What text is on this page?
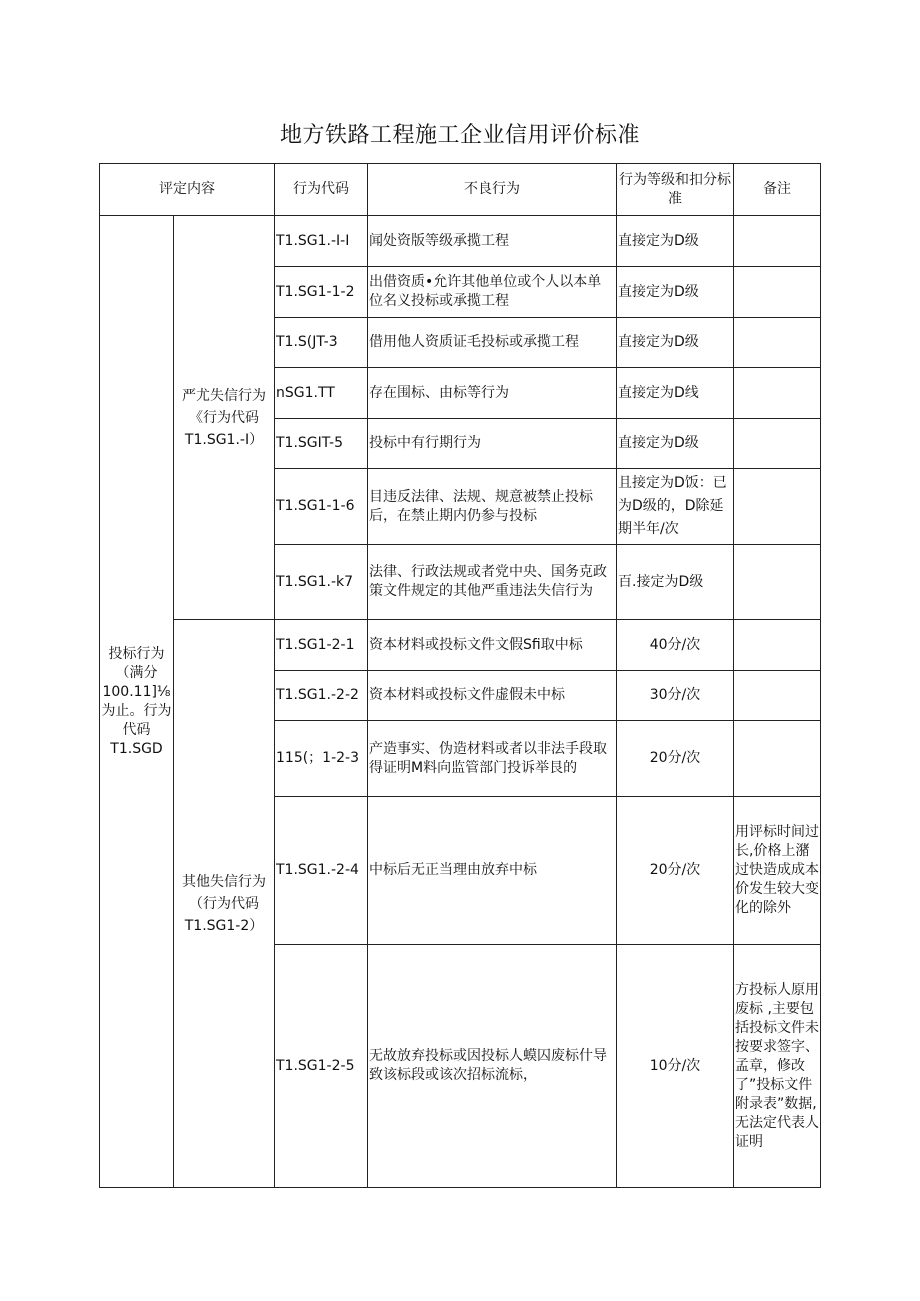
地方铁路工程施工企业信用评价标准
评定内容		行为代码	不良行为	行为等级和扣分标准	备注
投标行为（满分100.11]⅛为止。行为代码T1.SGD	严尤失信行为《行为代码T1.SG1.-I）	T1.SG1.-I-I	闻处资版等级承揽工程	直接定为D级	
		T1.SG1-1-2	出借资质•允许其他单位或个人以本单位名义投标或承揽工程	直接定为D级	
		T1.S(JT-3	借用他人资质证毛投标或承揽工程	直接定为D级	
		nSG1.TT	存在围标、由标等行为	直接定为D线	
		T1.SGIT-5	投标中有行期行为	直接定为D级	
		T1.SG1-1-6	目违反法律、法规、规意被禁止投标后，在禁止期内仍参与投标	且接定为D饭：已为D级的，D除延期半年/次	
		T1.SG1.-k7	法律、行政法规或者党中央、国务克政策文件规定的其他严重违法失信行为	百.接定为D级	
	其他失信行为（行为代码T1.SG1-2）	T1.SG1-2-1	资本材料或投标文件文假Sfi取中标	40分/次	
		T1.SG1.-2-2	资本材料或投标文件虚假未中标	30分/次	
		115(；1-2-3	产造事实、伪造材料或者以非法手段取得证明M料向监管部门投诉举艮的	20分/次	
		T1.SG1.-2-4	中标后无正当理由放弃中标	20分/次	用评标时间过长,价格上潴过快造成成本价发生较大变化的除外
		T1.SG1-2-5	无故放弃投标或因投标人蟆囚废标什导致该标段或该次招标流标，	10分/次	方投标人原用废标 ,主要包括投标文件未按要求签字、孟章，修改了”投标文件附录表”数据,无法定代表人证明
